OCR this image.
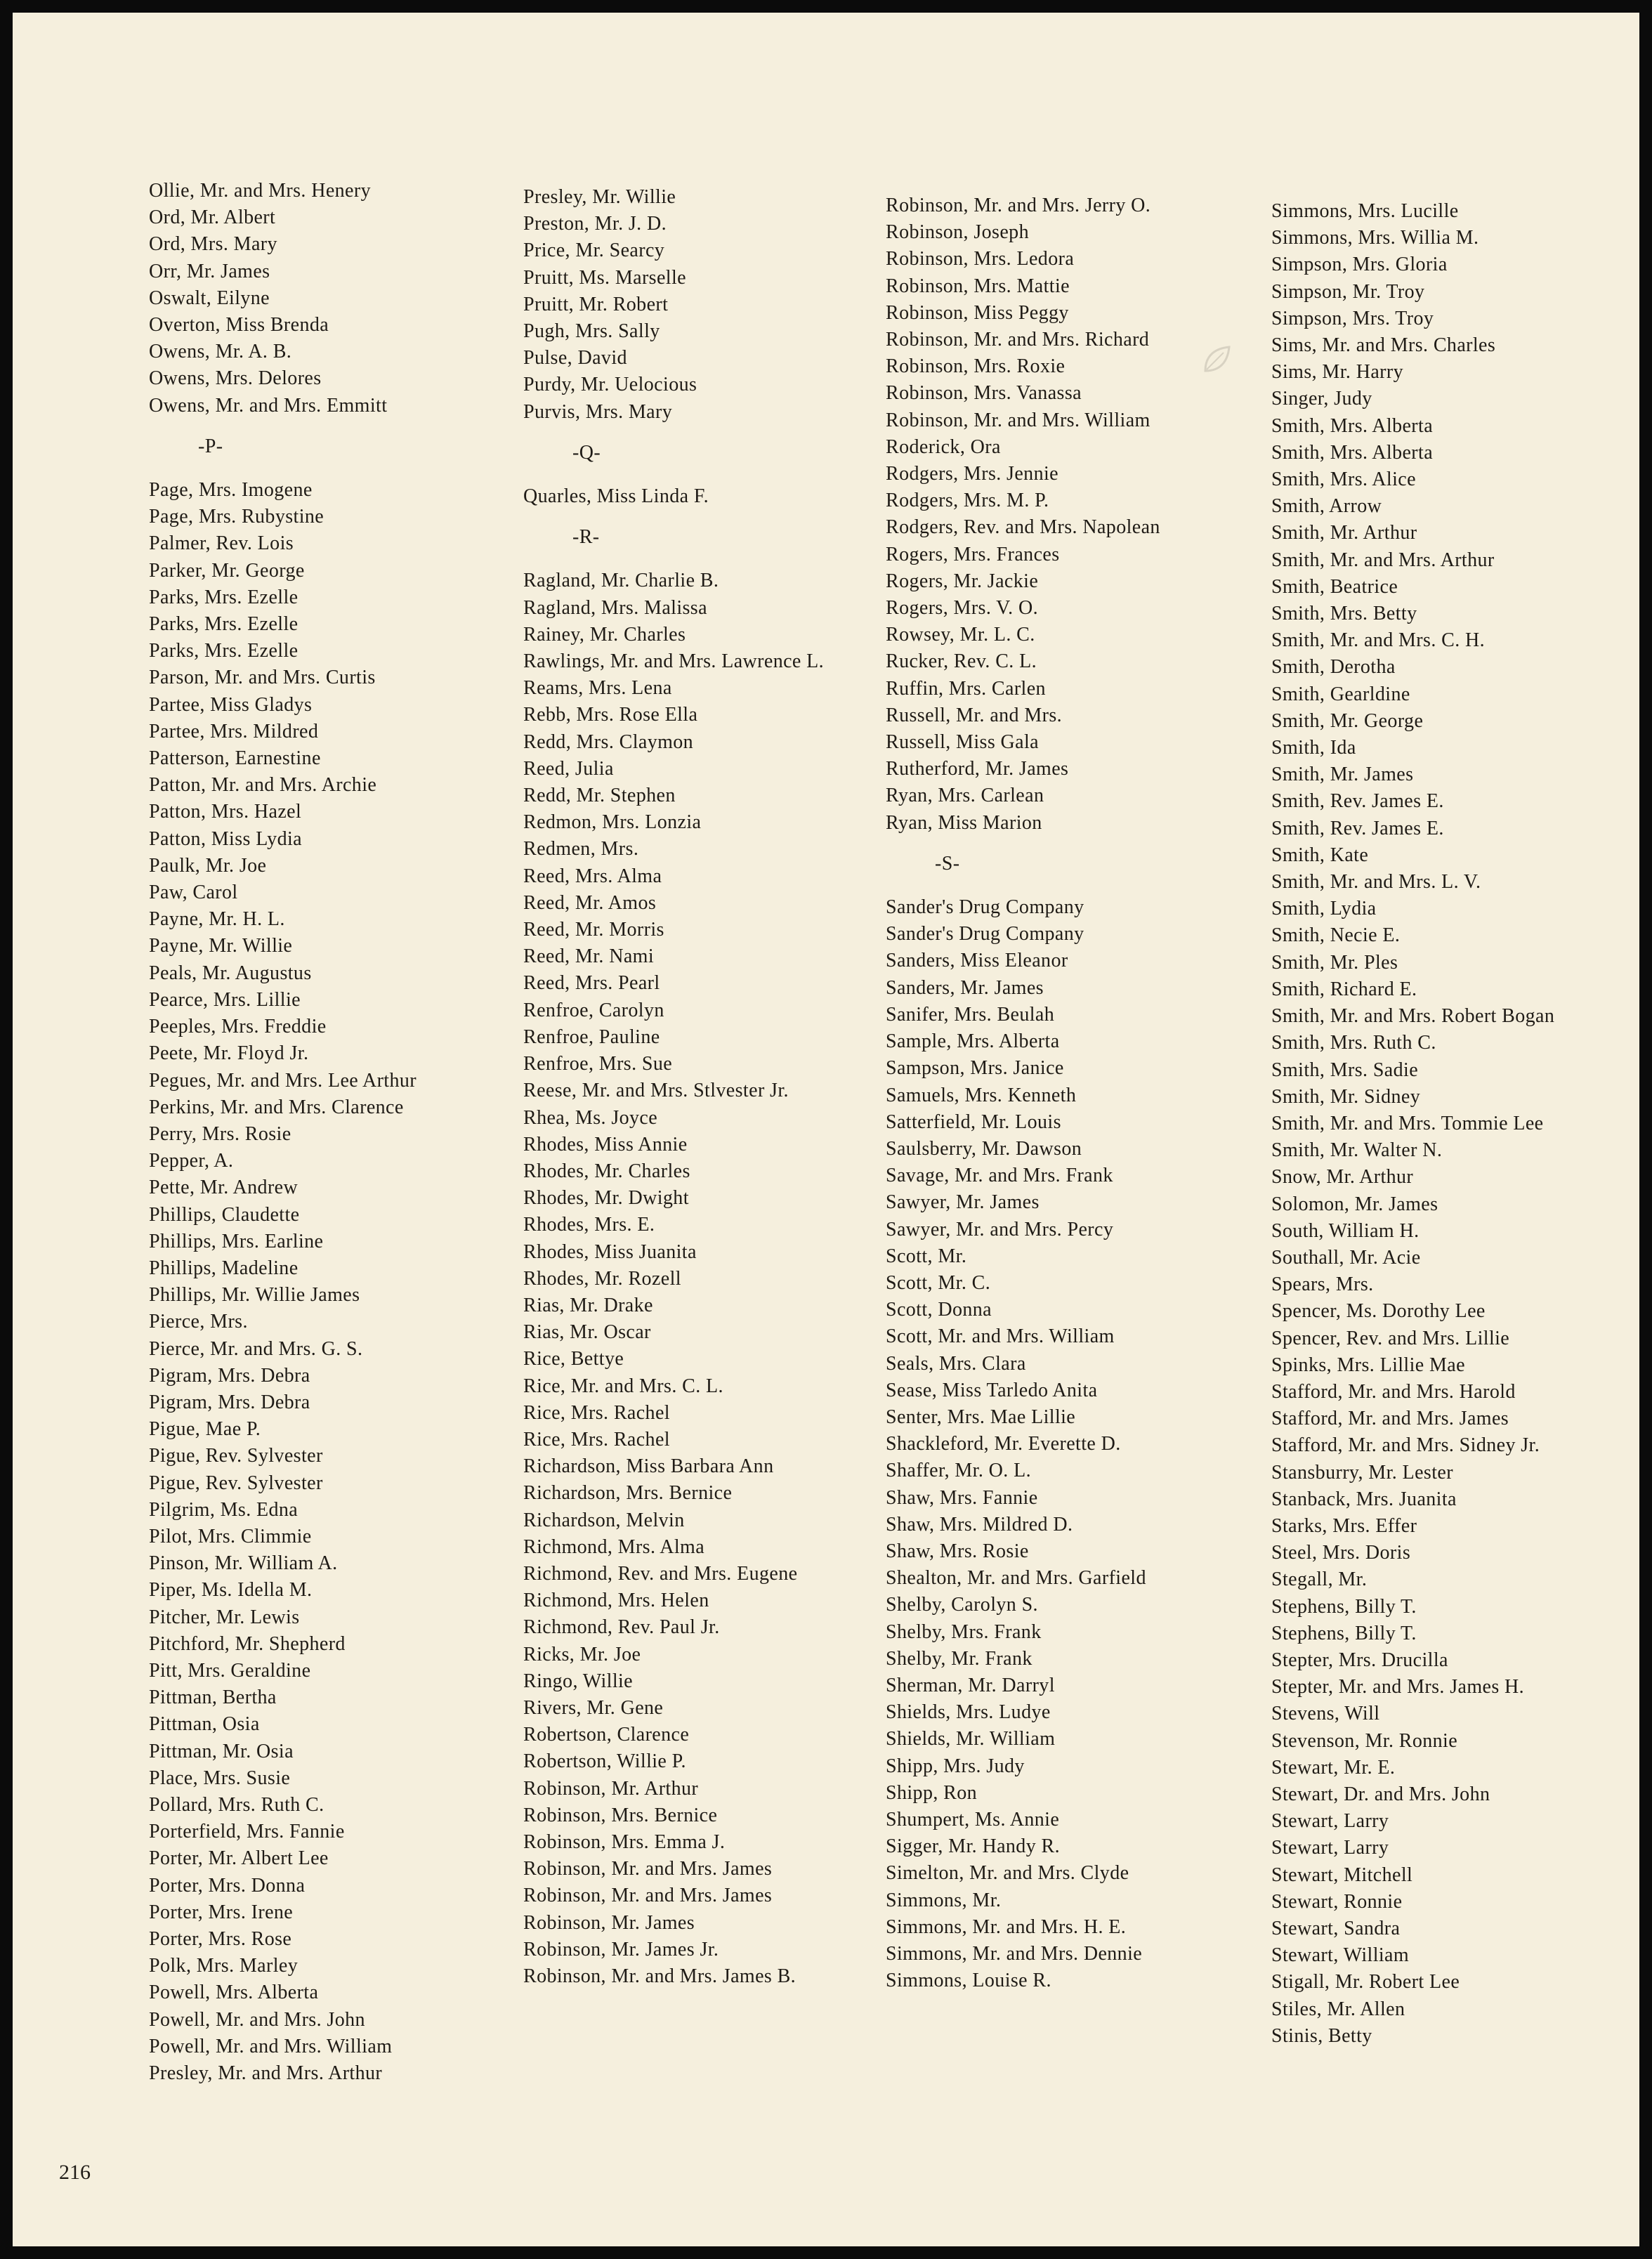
Ollie, Mr. and Mrs. Henery
Ord, Mr. Albert
Ord, Mrs. Mary
Orr, Mr. James
Oswalt, Eilyne
Overton, Miss Brenda
Owens, Mr. A. B.
Owens, Mrs. Delores
Owens, Mr. and Mrs. Emmitt
-P-
Page, Mrs. Imogene
Page, Mrs. Rubystine
Palmer, Rev. Lois
Parker, Mr. George
Parks, Mrs. Ezelle
Parks, Mrs. Ezelle
Parks, Mrs. Ezelle
Parson, Mr. and Mrs. Curtis
Partee, Miss Gladys
Partee, Mrs. Mildred
Patterson, Earnestine
Patton, Mr. and Mrs. Archie
Patton, Mrs. Hazel
Patton, Miss Lydia
Paulk, Mr. Joe
Paw, Carol
Payne, Mr. H. L.
Payne, Mr. Willie
Peals, Mr. Augustus
Pearce, Mrs. Lillie
Peeples, Mrs. Freddie
Peete, Mr. Floyd Jr.
Pegues, Mr. and Mrs. Lee Arthur
Perkins, Mr. and Mrs. Clarence
Perry, Mrs. Rosie
Pepper, A.
Pette, Mr. Andrew
Phillips, Claudette
Phillips, Mrs. Earline
Phillips, Madeline
Phillips, Mr. Willie James
Pierce, Mrs.
Pierce, Mr. and Mrs. G. S.
Pigram, Mrs. Debra
Pigram, Mrs. Debra
Pigue, Mae P.
Pigue, Rev. Sylvester
Pigue, Rev. Sylvester
Pilgrim, Ms. Edna
Pilot, Mrs. Climmie
Pinson, Mr. William A.
Piper, Ms. Idella M.
Pitcher, Mr. Lewis
Pitchford, Mr. Shepherd
Pitt, Mrs. Geraldine
Pittman, Bertha
Pittman, Osia
Pittman, Mr. Osia
Place, Mrs. Susie
Pollard, Mrs. Ruth C.
Porterfield, Mrs. Fannie
Porter, Mr. Albert Lee
Porter, Mrs. Donna
Porter, Mrs. Irene
Porter, Mrs. Rose
Polk, Mrs. Marley
Powell, Mrs. Alberta
Powell, Mr. and Mrs. John
Powell, Mr. and Mrs. William
Presley, Mr. and Mrs. Arthur
Presley, Mr. Willie
Preston, Mr. J. D.
Price, Mr. Searcy
Pruitt, Ms. Marselle
Pruitt, Mr. Robert
Pugh, Mrs. Sally
Pulse, David
Purdy, Mr. Uelocious
Purvis, Mrs. Mary
-Q-
Quarles, Miss Linda F.
-R-
Ragland, Mr. Charlie B.
Ragland, Mrs. Malissa
Rainey, Mr. Charles
Rawlings, Mr. and Mrs. Lawrence L.
Reams, Mrs. Lena
Rebb, Mrs. Rose Ella
Redd, Mrs. Claymon
Reed, Julia
Redd, Mr. Stephen
Redmon, Mrs. Lonzia
Redmen, Mrs.
Reed, Mrs. Alma
Reed, Mr. Amos
Reed, Mr. Morris
Reed, Mr. Nami
Reed, Mrs. Pearl
Renfroe, Carolyn
Renfroe, Pauline
Renfroe, Mrs. Sue
Reese, Mr. and Mrs. Stlvester Jr.
Rhea, Ms. Joyce
Rhodes, Miss Annie
Rhodes, Mr. Charles
Rhodes, Mr. Dwight
Rhodes, Mrs. E.
Rhodes, Miss Juanita
Rhodes, Mr. Rozell
Rias, Mr. Drake
Rias, Mr. Oscar
Rice, Bettye
Rice, Mr. and Mrs. C. L.
Rice, Mrs. Rachel
Rice, Mrs. Rachel
Richardson, Miss Barbara Ann
Richardson, Mrs. Bernice
Richardson, Melvin
Richmond, Mrs. Alma
Richmond, Rev. and Mrs. Eugene
Richmond, Mrs. Helen
Richmond, Rev. Paul Jr.
Ricks, Mr. Joe
Ringo, Willie
Rivers, Mr. Gene
Robertson, Clarence
Robertson, Willie P.
Robinson, Mr. Arthur
Robinson, Mrs. Bernice
Robinson, Mrs. Emma J.
Robinson, Mr. and Mrs. James
Robinson, Mr. and Mrs. James
Robinson, Mr. James
Robinson, Mr. James Jr.
Robinson, Mr. and Mrs. James B.
Robinson, Mr. and Mrs. Jerry O.
Robinson, Joseph
Robinson, Mrs. Ledora
Robinson, Mrs. Mattie
Robinson, Miss Peggy
Robinson, Mr. and Mrs. Richard
Robinson, Mrs. Roxie
Robinson, Mrs. Vanassa
Robinson, Mr. and Mrs. William
Roderick, Ora
Rodgers, Mrs. Jennie
Rodgers, Mrs. M. P.
Rodgers, Rev. and Mrs. Napolean
Rogers, Mrs. Frances
Rogers, Mr. Jackie
Rogers, Mrs. V. O.
Rowsey, Mr. L. C.
Rucker, Rev. C. L.
Ruffin, Mrs. Carlen
Russell, Mr. and Mrs.
Russell, Miss Gala
Rutherford, Mr. James
Ryan, Mrs. Carlean
Ryan, Miss Marion
-S-
Sander's Drug Company
Sander's Drug Company
Sanders, Miss Eleanor
Sanders, Mr. James
Sanifer, Mrs. Beulah
Sample, Mrs. Alberta
Sampson, Mrs. Janice
Samuels, Mrs. Kenneth
Satterfield, Mr. Louis
Saulsberry, Mr. Dawson
Savage, Mr. and Mrs. Frank
Sawyer, Mr. James
Sawyer, Mr. and Mrs. Percy
Scott, Mr.
Scott, Mr. C.
Scott, Donna
Scott, Mr. and Mrs. William
Seals, Mrs. Clara
Sease, Miss Tarledo Anita
Senter, Mrs. Mae Lillie
Shackleford, Mr. Everette D.
Shaffer, Mr. O. L.
Shaw, Mrs. Fannie
Shaw, Mrs. Mildred D.
Shaw, Mrs. Rosie
Shealton, Mr. and Mrs. Garfield
Shelby, Carolyn S.
Shelby, Mrs. Frank
Shelby, Mr. Frank
Sherman, Mr. Darryl
Shields, Mrs. Ludye
Shields, Mr. William
Shipp, Mrs. Judy
Shipp, Ron
Shumpert, Ms. Annie
Sigger, Mr. Handy R.
Simelton, Mr. and Mrs. Clyde
Simmons, Mr.
Simmons, Mr. and Mrs. H. E.
Simmons, Mr. and Mrs. Dennie
Simmons, Louise R.
Simmons, Mrs. Lucille
Simmons, Mrs. Willia M.
Simpson, Mrs. Gloria
Simpson, Mr. Troy
Simpson, Mrs. Troy
Sims, Mr. and Mrs. Charles
Sims, Mr. Harry
Singer, Judy
Smith, Mrs. Alberta
Smith, Mrs. Alberta
Smith, Mrs. Alice
Smith, Arrow
Smith, Mr. Arthur
Smith, Mr. and Mrs. Arthur
Smith, Beatrice
Smith, Mrs. Betty
Smith, Mr. and Mrs. C. H.
Smith, Derotha
Smith, Gearldine
Smith, Mr. George
Smith, Ida
Smith, Mr. James
Smith, Rev. James E.
Smith, Rev. James E.
Smith, Kate
Smith, Mr. and Mrs. L. V.
Smith, Lydia
Smith, Necie E.
Smith, Mr. Ples
Smith, Richard E.
Smith, Mr. and Mrs. Robert Bogan
Smith, Mrs. Ruth C.
Smith, Mrs. Sadie
Smith, Mr. Sidney
Smith, Mr. and Mrs. Tommie Lee
Smith, Mr. Walter N.
Snow, Mr. Arthur
Solomon, Mr. James
South, William H.
Southall, Mr. Acie
Spears, Mrs.
Spencer, Ms. Dorothy Lee
Spencer, Rev. and Mrs. Lillie
Spinks, Mrs. Lillie Mae
Stafford, Mr. and Mrs. Harold
Stafford, Mr. and Mrs. James
Stafford, Mr. and Mrs. Sidney Jr.
Stansburry, Mr. Lester
Stanback, Mrs. Juanita
Starks, Mrs. Effer
Steel, Mrs. Doris
Stegall, Mr.
Stephens, Billy T.
Stephens, Billy T.
Stepter, Mrs. Drucilla
Stepter, Mr. and Mrs. James H.
Stevens, Will
Stevenson, Mr. Ronnie
Stewart, Mr. E.
Stewart, Dr. and Mrs. John
Stewart, Larry
Stewart, Larry
Stewart, Mitchell
Stewart, Ronnie
Stewart, Sandra
Stewart, William
Stigall, Mr. Robert Lee
Stiles, Mr. Allen
Stinis, Betty
216
